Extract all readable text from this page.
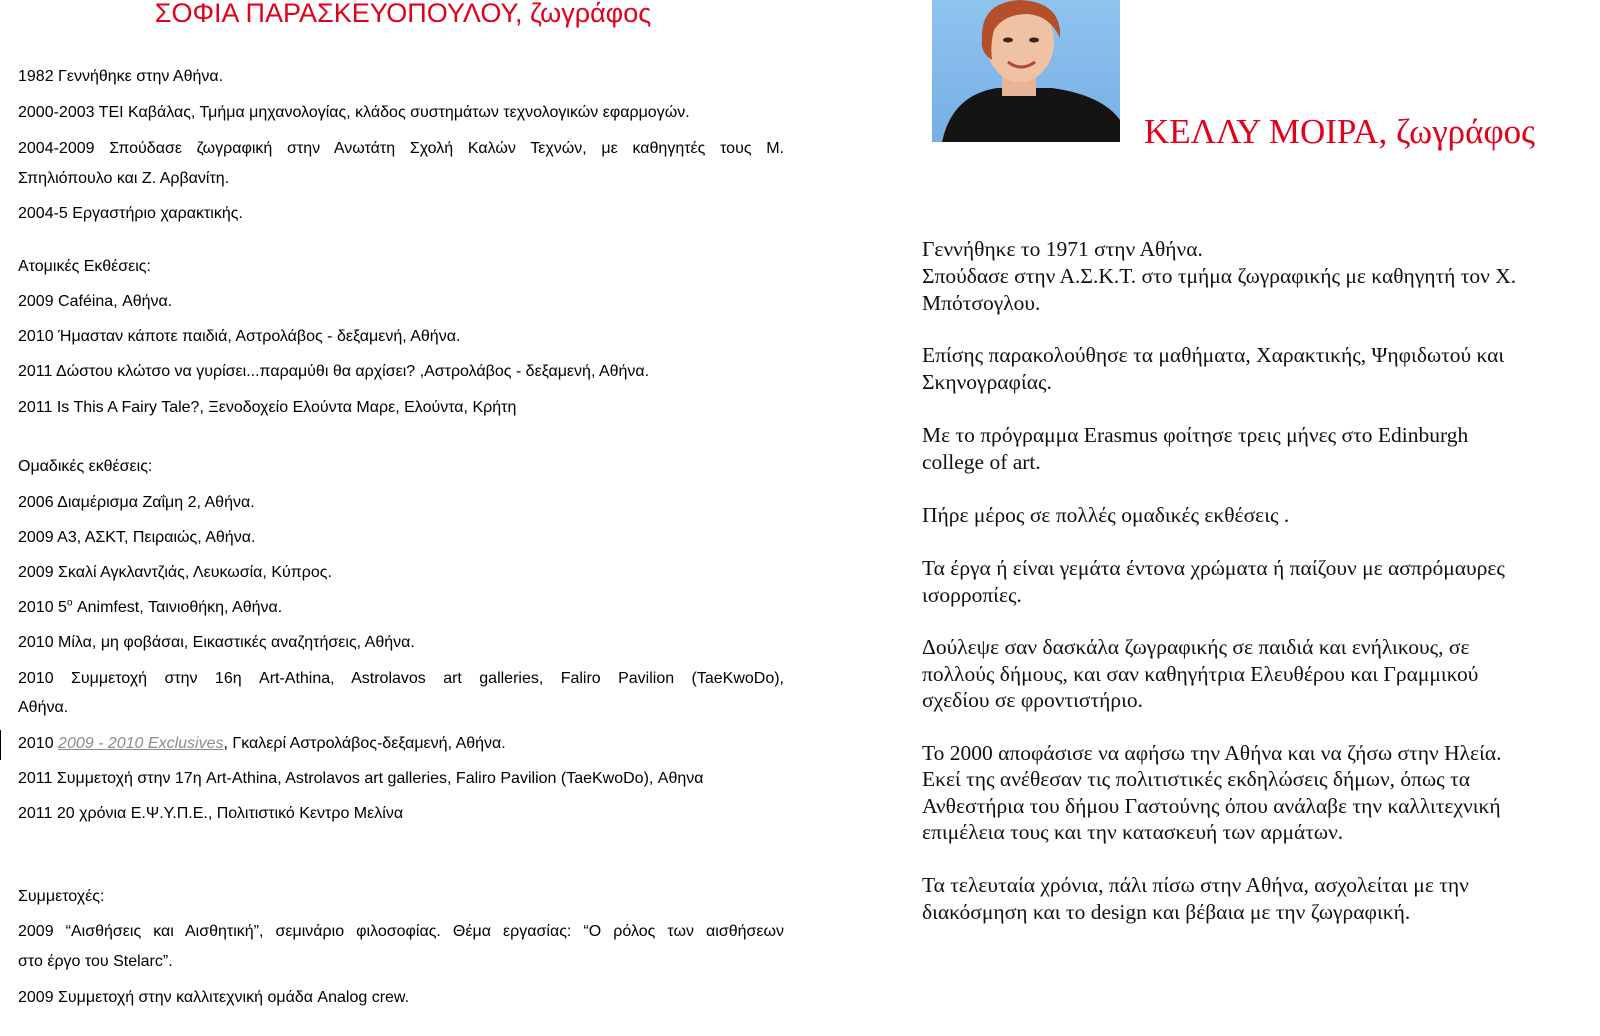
ΣΟΦΙΑ ΠΑΡΑΣΚΕΥΟΠΟΥΛΟΥ, ζωγράφος
1982 Γεννήθηκε στην Αθήνα.
2000-2003 ΤΕΙ Καβάλας, Τμήμα μηχανολογίας, κλάδος συστημάτων τεχνολογικών εφαρμογών.
2004-2009 Σπούδασε ζωγραφική στην Ανωτάτη Σχολή Καλών Τεχνών, με καθηγητές τους Μ.
Σπηλιόπουλο και Ζ. Αρβανίτη.
2004-5 Εργαστήριο χαρακτικής.
Ατομικές Εκθέσεις:
2009 Caféina, Αθήνα.
2010 Ήμασταν κάποτε παιδιά, Αστρολάβος - δεξαμενή, Αθήνα.
2011 Δώστου κλώτσο να γυρίσει...παραμύθι θα αρχίσει? ,Αστρολάβος - δεξαμενή, Αθήνα.
2011 Is This A Fairy Tale?, Ξενοδοχείο Ελούντα Μαρε, Ελούντα, Κρήτη
Ομαδικές εκθέσεις:
2006 Διαμέρισμα Ζαΐμη 2, Αθήνα.
2009 Α3, ΑΣΚΤ, Πειραιώς, Αθήνα.
2009 Σκαλί Αγκλαντζιάς, Λευκωσία, Κύπρος.
2010 $5^o$ Animfest, Ταινιοθήκη, Αθήνα.
2010 Μίλα, μη φοβάσαι, Εικαστικές αναζητήσεις, Αθήνα.
2010 Συμμετοχή στην 16η Art-Athina, Astrolavos art galleries, Faliro Pavilion (TaeKwoDo),
Αθήνα.
2010 2009 - 2010 Exclusives, Γκαλερί Αστρολάβος-δεξαμενή, Αθήνα.
2011 Συμμετοχή στην 17η Art-Athina, Astrolavos art galleries, Faliro Pavilion (TaeKwoDo), Αθηνα
2011 20 χρόνια Ε.Ψ.Υ.Π.Ε., Πολιτιστικό Κεντρο Μελίνα
Συμμετοχές:
2009 “Αισθήσεις και Αισθητική”, σεμινάριο φιλοσοφίας. Θέμα εργασίας: “Ο ρόλος των αισθήσεων
στο έργο του Stelarc”.
2009 Συμμετοχή στην καλλιτεχνική ομάδα Analog crew.
ΚΕΛΛΥ ΜΟΙΡΑ, ζωγράφος
Γεννήθηκε το 1971 στην Αθήνα.
Σπούδασε στην Α.Σ.Κ.Τ. στο τμήμα ζωγραφικής με καθηγητή τον Χ.
Μπότσογλου.
Επίσης παρακολούθησε τα μαθήματα, Χαρακτικής, Ψηφιδωτού και
Σκηνογραφίας.
Με το πρόγραμμα Erasmus φοίτησε τρεις μήνες στο Edinburgh
college of art.
Πήρε μέρος σε πολλές ομαδικές εκθέσεις .
Τα έργα ή είναι γεμάτα έντονα χρώματα ή παίζουν με ασπρόμαυρες
ισορροπίες.
Δούλεψε σαν δασκάλα ζωγραφικής σε παιδιά και ενήλικους, σε
πολλούς δήμους, και σαν καθηγήτρια Ελευθέρου και Γραμμικού
σχεδίου σε φροντιστήριο.
Το 2000 αποφάσισε να αφήσω την Αθήνα και να ζήσω στην Ηλεία.
Εκεί της ανέθεσαν τις πολιτιστικές εκδηλώσεις δήμων, όπως τα
Ανθεστήρια του δήμου Γαστούνης όπου ανάλαβε την καλλιτεχνική
επιμέλεια τους και την κατασκευή των αρμάτων.
Τα τελευταία χρόνια, πάλι πίσω στην Αθήνα, ασχολείται με την
διακόσμηση και το design και βέβαια με την ζωγραφική.
